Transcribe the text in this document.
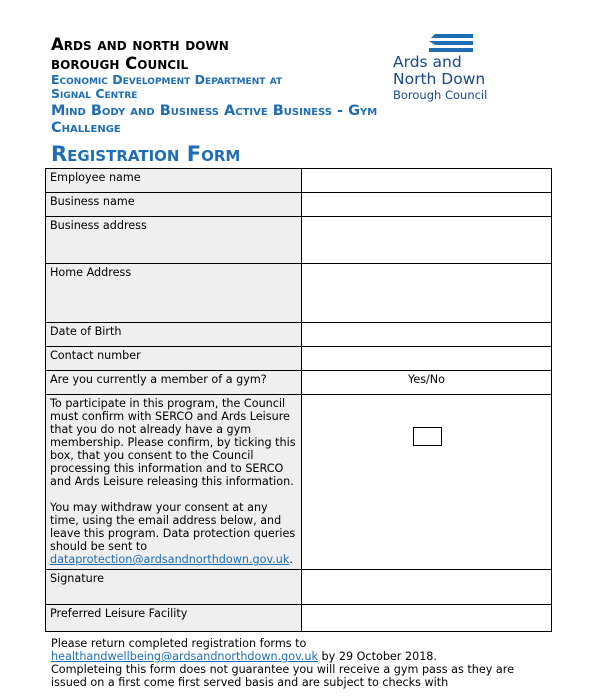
Ards and north down
borough Council
Economic Development Department at
Signal Centre
Mind Body and Business Active Business - Gym
Challenge
Registration Form
Ards and
North Down
Borough Council
Employee name	
Business name	
Business address	
Home Address	
Date of Birth	
Contact number	
Are you currently a member of a gym?	Yes/No

To participate in this program, the Council must confirm with SERCO and Ards Leisure that you do not already have a gym membership. Please confirm, by ticking this box, that you consent to the Council processing this information and to SERCO and Ards Leisure releasing this information.

You may withdraw your consent at any time, using the email address below, and leave this program. Data protection queries should be sent to dataprotection@ardsandnorthdown.gov.uk.	

Signature	
Preferred Leisure Facility	

Please return completed registration forms to

healthandwellbeing@ardsandnorthdown.gov.uk by 29 October 2018.

Completeing this form does not guarantee you will receive a gym pass as they are issued on a first come first served basis and are subject to checks with
